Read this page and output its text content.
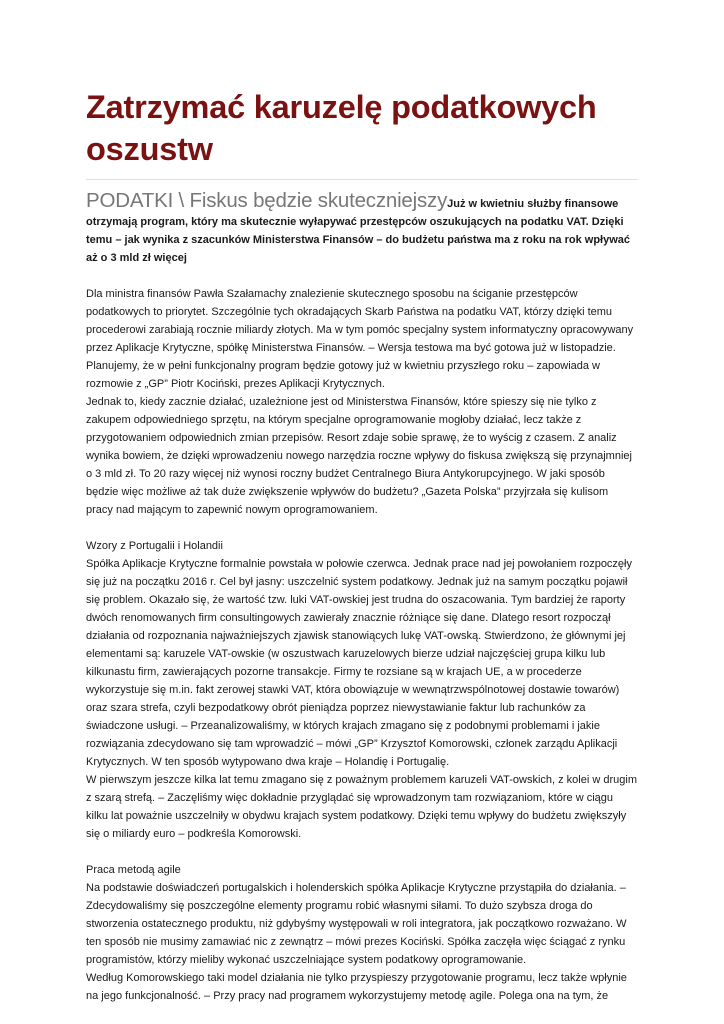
Zatrzymać karuzelę podatkowych oszustw
PODATKI \ Fiskus będzie skuteczniejszyJuż w kwietniu służby finansowe otrzymają program, który ma skutecznie wyłapywać przestępców oszukujących na podatku VAT. Dzięki temu – jak wynika z szacunków Ministerstwa Finansów – do budżetu państwa ma z roku na rok wpływać aż o 3 mld zł więcej

Dla ministra finansów Pawła Szałamachy znalezienie skutecznego sposobu na ściganie przestępców podatkowych to priorytet. Szczególnie tych okradających Skarb Państwa na podatku VAT, którzy dzięki temu procederowi zarabiają rocznie miliardy złotych. Ma w tym pomóc specjalny system informatyczny opracowywany przez Aplikacje Krytyczne, spółkę Ministerstwa Finansów. – Wersja testowa ma być gotowa już w listopadzie. Planujemy, że w pełni funkcjonalny program będzie gotowy już w kwietniu przyszłego roku – zapowiada w rozmowie z „GP” Piotr Kociński, prezes Aplikacji Krytycznych.

Jednak to, kiedy zacznie działać, uzależnione jest od Ministerstwa Finansów, które spieszy się nie tylko z zakupem odpowiedniego sprzętu, na którym specjalne oprogramowanie mogłoby działać, lecz także z przygotowaniem odpowiednich zmian przepisów. Resort zdaje sobie sprawę, że to wyścig z czasem. Z analiz wynika bowiem, że dzięki wprowadzeniu nowego narzędzia roczne wpływy do fiskusa zwiększą się przynajmniej o 3 mld zł. To 20 razy więcej niż wynosi roczny budżet Centralnego Biura Antykorupcyjnego. W jaki sposób będzie więc możliwe aż tak duże zwiększenie wpływów do budżetu? „Gazeta Polska” przyjrzała się kulisom pracy nad mającym to zapewnić nowym oprogramowaniem.

Wzory z Portugalii i Holandii

Spółka Aplikacje Krytyczne formalnie powstała w połowie czerwca. Jednak prace nad jej powołaniem rozpoczęły się już na początku 2016 r. Cel był jasny: uszczelnić system podatkowy. Jednak już na samym początku pojawił się problem. Okazało się, że wartość tzw. luki VAT-owskiej jest trudna do oszacowania. Tym bardziej że raporty dwóch renomowanych firm consultingowych zawierały znacznie różniące się dane. Dlatego resort rozpoczął działania od rozpoznania najważniejszych zjawisk stanowiących lukę VAT-owską. Stwierdzono, że głównymi jej elementami są: karuzele VAT-owskie (w oszustwach karuzelowych bierze udział najczęściej grupa kilku lub kilkunastu firm, zawierających pozorne transakcje. Firmy te rozsiane są w krajach UE, a w procederze wykorzystuje się m.in. fakt zerowej stawki VAT, która obowiązuje w wewnątrzwspólnotowej dostawie towarów) oraz szara strefa, czyli bezpodatkowy obrót pieniądza poprzez niewystawianie faktur lub rachunków za świadczone usługi. – Przeanalizowaliśmy, w których krajach zmagano się z podobnymi problemami i jakie rozwiązania zdecydowano się tam wprowadzić – mówi „GP” Krzysztof Komorowski, członek zarządu Aplikacji Krytycznych. W ten sposób wytypowano dwa kraje – Holandię i Portugalię.

W pierwszym jeszcze kilka lat temu zmagano się z poważnym problemem karuzeli VAT-owskich, z kolei w drugim z szarą strefą. – Zaczęliśmy więc dokładnie przyglądać się wprowadzonym tam rozwiązaniom, które w ciągu kilku lat poważnie uszczelniły w obydwu krajach system podatkowy. Dzięki temu wpływy do budżetu zwiększyły się o miliardy euro – podkreśla Komorowski.

Praca metodą agile

Na podstawie doświadczeń portugalskich i holenderskich spółka Aplikacje Krytyczne przystąpiła do działania. – Zdecydowaliśmy się poszczególne elementy programu robić własnymi siłami. To dużo szybsza droga do stworzenia ostatecznego produktu, niż gdybyśmy występowali w roli integratora, jak początkowo rozważano. W ten sposób nie musimy zamawiać nic z zewnątrz – mówi prezes Kociński. Spółka zaczęła więc ściągać z rynku programistów, którzy mieliby wykonać uszczelniające system podatkowy oprogramowanie.

Według Komorowskiego taki model działania nie tylko przyspieszy przygotowanie programu, lecz także wpłynie na jego funkcjonalność. – Przy pracy nad programem wykorzystujemy metodę agile. Polega ona na tym, że
